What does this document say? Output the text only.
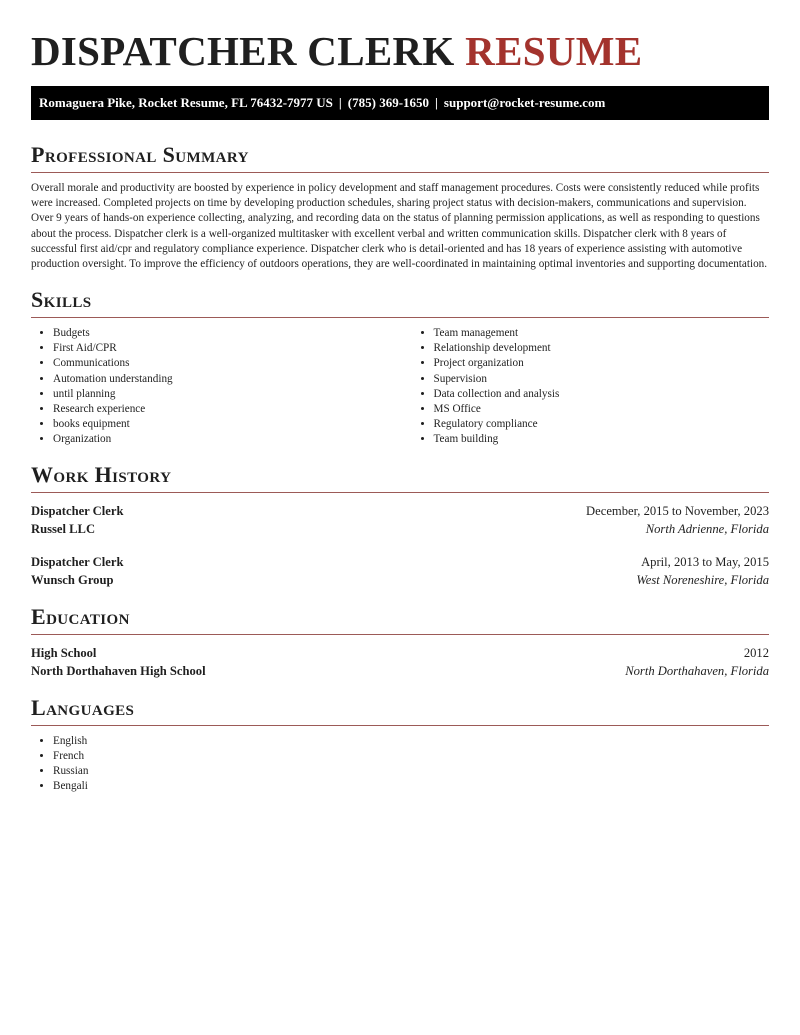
DISPATCHER CLERK RESUME
Romaguera Pike, Rocket Resume, FL 76432-7977 US | (785) 369-1650 | support@rocket-resume.com
Professional Summary

Overall morale and productivity are boosted by experience in policy development and staff management procedures. Costs were consistently reduced while profits were increased. Completed projects on time by developing production schedules, sharing project status with decision-makers, communications and supervision. Over 9 years of hands-on experience collecting, analyzing, and recording data on the status of planning permission applications, as well as responding to questions about the process. Dispatcher clerk is a well-organized multitasker with excellent verbal and written communication skills. Dispatcher clerk with 8 years of successful first aid/cpr and regulatory compliance experience. Dispatcher clerk who is detail-oriented and has 18 years of experience assisting with automotive production oversight. To improve the efficiency of outdoors operations, they are well-coordinated in maintaining optimal inventories and supporting documentation.

Skills
• Budgets
• First Aid/CPR
• Communications
• Automation understanding
• until planning
• Research experience
• books equipment
• Organization
• Team management
• Relationship development
• Project organization
• Supervision
• Data collection and analysis
• MS Office
• Regulatory compliance
• Team building
Work History
Dispatcher Clerk	December, 2015 to November, 2023
Russel LLC	North Adrienne, Florida
Dispatcher Clerk	April, 2013 to May, 2015
Wunsch Group	West Noreneshire, Florida
Education
High School	2012
North Dorthahaven High School	North Dorthahaven, Florida
Languages
• English
• French
• Russian
• Bengali
